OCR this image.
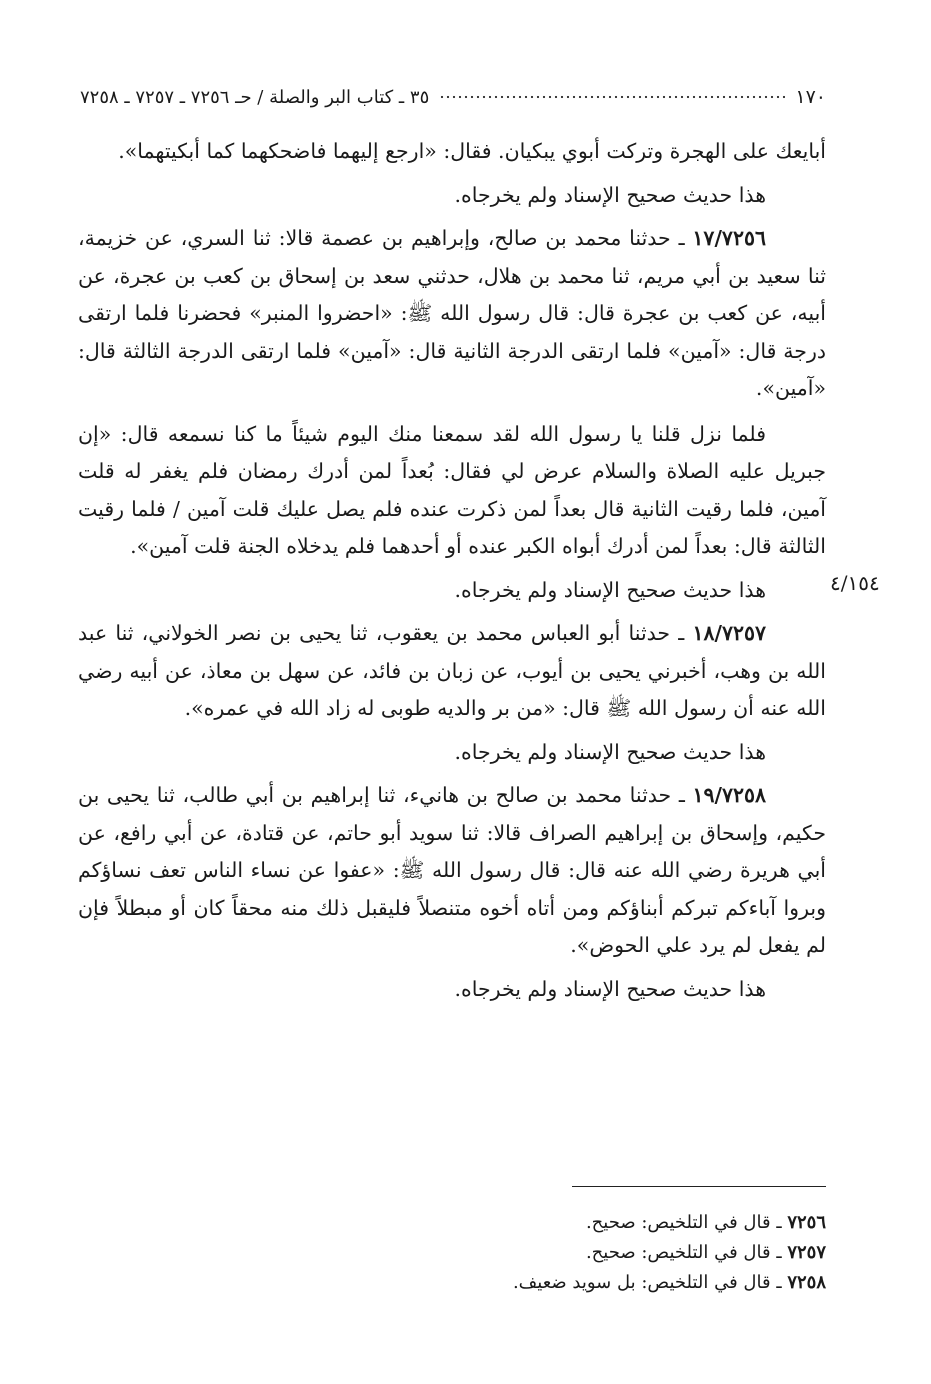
١٧٠
٣٥ ـ كتاب البر والصلة / حـ ٧٢٥٦ ـ ٧٢٥٧ ـ ٧٢٥٨
٤/١٥٤

أبايعك على الهجرة وتركت أبوي يبكيان. فقال: «ارجع إليهما فاضحكهما كما أبكيتهما».

هذا حديث صحيح الإسناد ولم يخرجاه.

١٧/٧٢٥٦ ـ حدثنا محمد بن صالح، وإبراهيم بن عصمة قالا: ثنا السري، عن خزيمة، ثنا سعيد بن أبي مريم، ثنا محمد بن هلال، حدثني سعد بن إسحاق بن كعب بن عجرة، عن أبيه، عن كعب بن عجرة قال: قال رسول الله ﷺ: «احضروا المنبر» فحضرنا فلما ارتقى درجة قال: «آمين» فلما ارتقى الدرجة الثانية قال: «آمين» فلما ارتقى الدرجة الثالثة قال: «آمين».

فلما نزل قلنا يا رسول الله لقد سمعنا منك اليوم شيئاً ما كنا نسمعه قال: «إن جبريل عليه الصلاة والسلام عرض لي فقال: بُعداً لمن أدرك رمضان فلم يغفر له قلت آمين، فلما رقيت الثانية قال بعداً لمن ذكرت عنده فلم يصل عليك قلت آمين / فلما رقيت الثالثة قال: بعداً لمن أدرك أبواه الكبر عنده أو أحدهما فلم يدخلاه الجنة قلت آمين».

هذا حديث صحيح الإسناد ولم يخرجاه.

١٨/٧٢٥٧ ـ حدثنا أبو العباس محمد بن يعقوب، ثنا يحيى بن نصر الخولاني، ثنا عبد الله بن وهب، أخبرني يحيى بن أيوب، عن زبان بن فائد، عن سهل بن معاذ، عن أبيه رضي الله عنه أن رسول الله ﷺ قال: «من بر والديه طوبى له زاد الله في عمره».

هذا حديث صحيح الإسناد ولم يخرجاه.

١٩/٧٢٥٨ ـ حدثنا محمد بن صالح بن هانيء، ثنا إبراهيم بن أبي طالب، ثنا يحيى بن حكيم، وإسحاق بن إبراهيم الصراف قالا: ثنا سويد أبو حاتم، عن قتادة، عن أبي رافع، عن أبي هريرة رضي الله عنه قال: قال رسول الله ﷺ: «عفوا عن نساء الناس تعف نساؤكم وبروا آباءكم تبركم أبناؤكم ومن أتاه أخوه متنصلاً فليقبل ذلك منه محقاً كان أو مبطلاً فإن لم يفعل لم يرد علي الحوض».

هذا حديث صحيح الإسناد ولم يخرجاه.

٧٢٥٦ ـ قال في التلخيص: صحيح.
٧٢٥٧ ـ قال في التلخيص: صحيح.
٧٢٥٨ ـ قال في التلخيص: بل سويد ضعيف.
